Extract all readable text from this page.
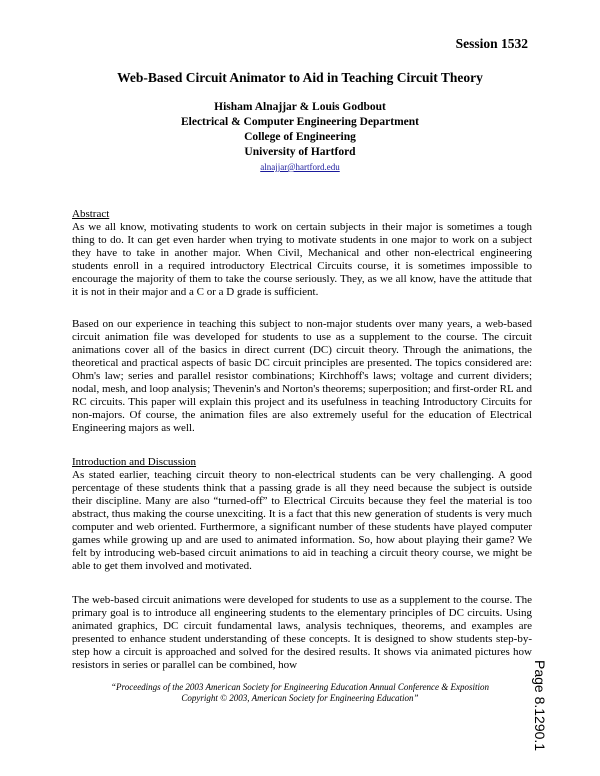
Session 1532
Web-Based Circuit Animator to Aid in Teaching Circuit Theory
Hisham Alnajjar & Louis Godbout
Electrical & Computer Engineering Department
College of Engineering
University of Hartford
alnajjar@hartford.edu
Abstract
As we all know, motivating students to work on certain subjects in their major is sometimes a tough thing to do. It can get even harder when trying to motivate students in one major to work on a subject they have to take in another major. When Civil, Mechanical and other non-electrical engineering students enroll in a required introductory Electrical Circuits course, it is sometimes impossible to encourage the majority of them to take the course seriously. They, as we all know, have the attitude that it is not in their major and a C or a D grade is sufficient.
Based on our experience in teaching this subject to non-major students over many years, a web-based circuit animation file was developed for students to use as a supplement to the course. The circuit animations cover all of the basics in direct current (DC) circuit theory. Through the animations, the theoretical and practical aspects of basic DC circuit principles are presented. The topics considered are: Ohm's law; series and parallel resistor combinations; Kirchhoff's laws; voltage and current dividers; nodal, mesh, and loop analysis; Thevenin's and Norton's theorems; superposition; and first-order RL and RC circuits. This paper will explain this project and its usefulness in teaching Introductory Circuits for non-majors. Of course, the animation files are also extremely useful for the education of Electrical Engineering majors as well.
Introduction and Discussion
As stated earlier, teaching circuit theory to non-electrical students can be very challenging. A good percentage of these students think that a passing grade is all they need because the subject is outside their discipline. Many are also “turned-off” to Electrical Circuits because they feel the material is too abstract, thus making the course unexciting. It is a fact that this new generation of students is very much computer and web oriented. Furthermore, a significant number of these students have played computer games while growing up and are used to animated information. So, how about playing their game? We felt by introducing web-based circuit animations to aid in teaching a circuit theory course, we might be able to get them involved and motivated.
The web-based circuit animations were developed for students to use as a supplement to the course. The primary goal is to introduce all engineering students to the elementary principles of DC circuits. Using animated graphics, DC circuit fundamental laws, analysis techniques, theorems, and examples are presented to enhance student understanding of these concepts. It is designed to show students step-by-step how a circuit is approached and solved for the desired results. It shows via animated pictures how resistors in series or parallel can be combined, how
“Proceedings of the 2003 American Society for Engineering Education Annual Conference & Exposition
Copyright © 2003, American Society for Engineering Education”	Page 8.1290.1
